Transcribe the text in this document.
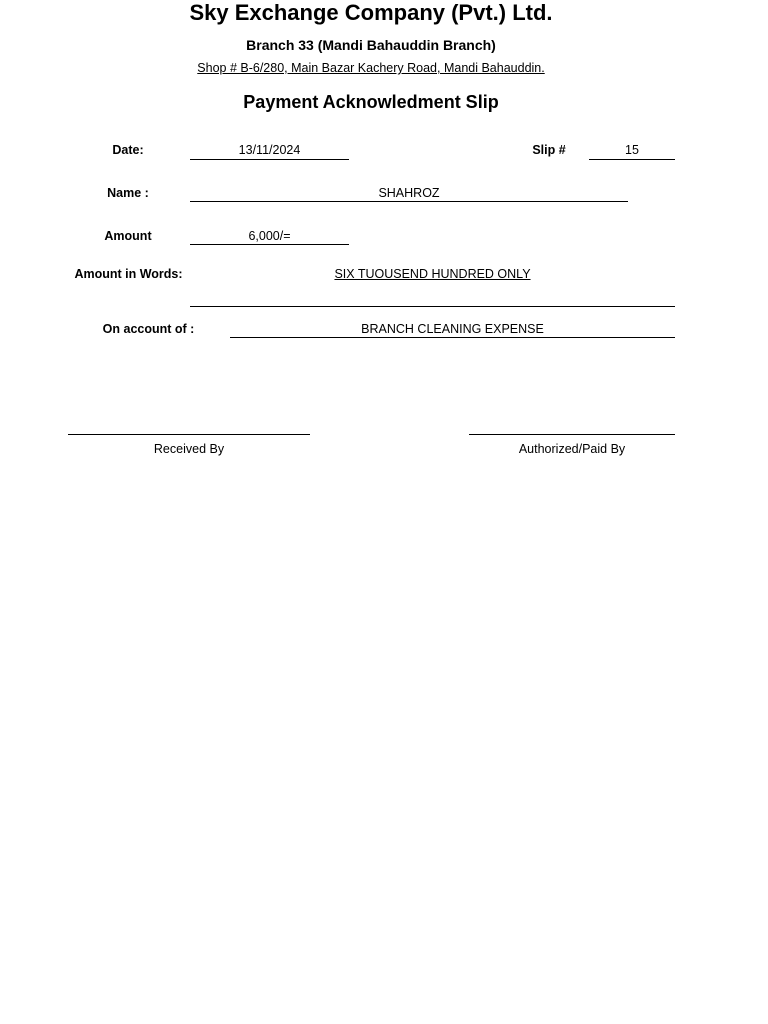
Sky Exchange Company (Pvt.) Ltd.
Branch 33 (Mandi Bahauddin Branch)
Shop # B-6/280, Main Bazar Kachery Road, Mandi Bahauddin.
Payment Acknowledment Slip
Date:	13/11/2024	Slip #	15
Name :	SHAHROZ
Amount	6,000/=
Amount in Words:	SIX TUOUSEND HUNDRED ONLY
On account of :	BRANCH CLEANING EXPENSE
Received By	Authorized/Paid By
